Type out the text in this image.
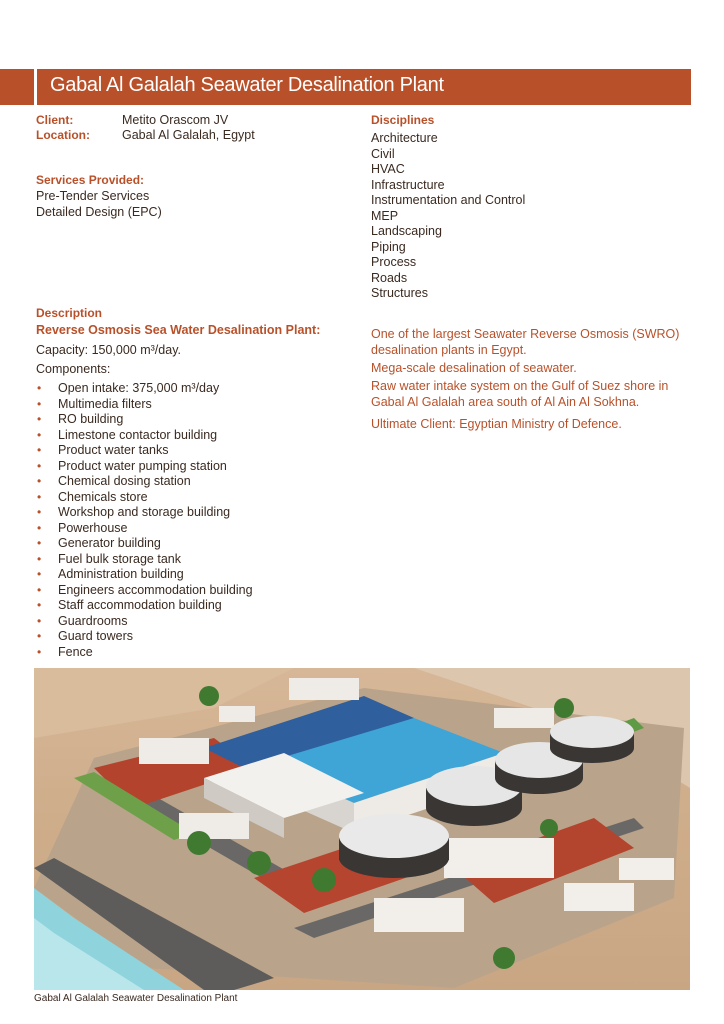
Gabal Al Galalah Seawater Desalination Plant
Client:	Metito Orascom JV
Location:	Gabal Al Galalah, Egypt
Services Provided:
Pre-Tender Services
Detailed Design (EPC)
Disciplines
Architecture
Civil
HVAC
Infrastructure
Instrumentation and Control
MEP
Landscaping
Piping
Process
Roads
Structures
Description
Reverse Osmosis Sea Water Desalination Plant:
Capacity: 150,000 m³/day.
Components:
• Open intake: 375,000 m³/day
• Multimedia filters
• RO building
• Limestone contactor building
• Product water tanks
• Product water pumping station
• Chemical dosing station
• Chemicals store
• Workshop and storage building
• Powerhouse
• Generator building
• Fuel bulk storage tank
• Administration building
• Engineers accommodation building
• Staff accommodation building
• Guardrooms
• Guard towers
• Fence

One of the largest Seawater Reverse Osmosis (SWRO) desalination plants in Egypt.

Mega-scale desalination of seawater.

Raw water intake system on the Gulf of Suez shore in Gabal Al Galalah area south of Al Ain Al Sokhna.

Ultimate Client: Egyptian Ministry of Defence.

Gabal Al Galalah Seawater Desalination Plant
